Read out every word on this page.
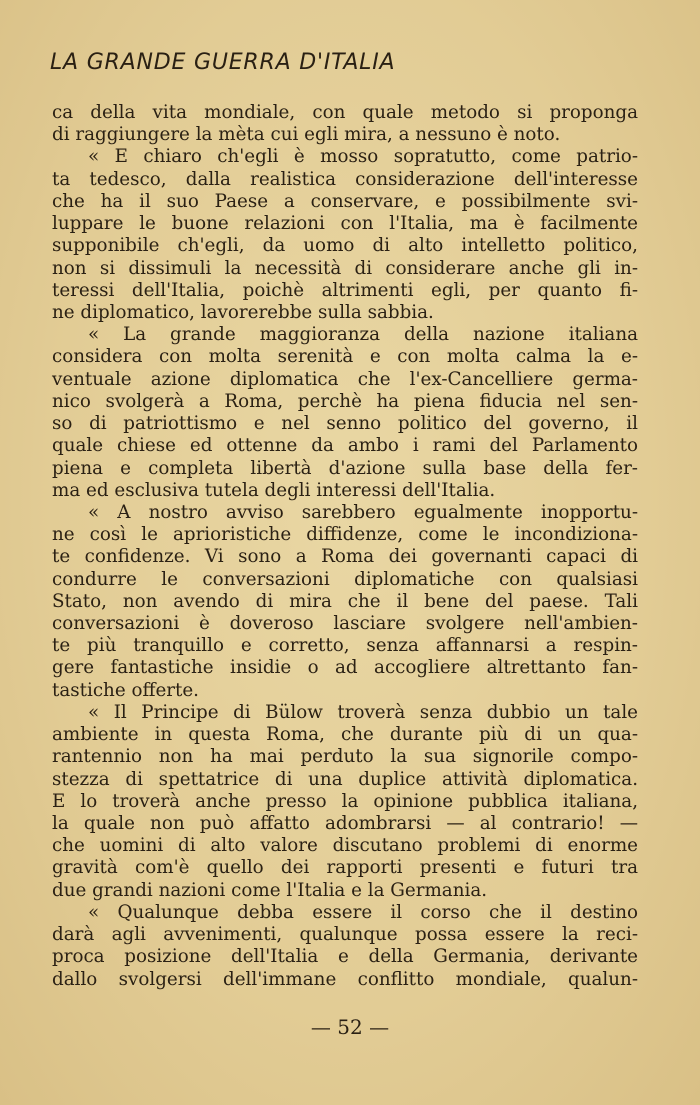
LA GRANDE GUERRA D'ITALIA
ca della vita mondiale, con quale metodo si proponga
di raggiungere la mèta cui egli mira, a nessuno è noto.
« E chiaro ch'egli è mosso sopratutto, come patrio-
ta tedesco, dalla realistica considerazione dell'interesse
che ha il suo Paese a conservare, e possibilmente svi-
luppare le buone relazioni con l'Italia, ma è facilmente
supponibile ch'egli, da uomo di alto intelletto politico,
non si dissimuli la necessità di considerare anche gli in-
teressi dell'Italia, poichè altrimenti egli, per quanto fi-
ne diplomatico, lavorerebbe sulla sabbia.
« La grande maggioranza della nazione italiana
considera con molta serenità e con molta calma la e-
ventuale azione diplomatica che l'ex-Cancelliere germa-
nico svolgerà a Roma, perchè ha piena fiducia nel sen-
so di patriottismo e nel senno politico del governo, il
quale chiese ed ottenne da ambo i rami del Parlamento
piena e completa libertà d'azione sulla base della fer-
ma ed esclusiva tutela degli interessi dell'Italia.
« A nostro avviso sarebbero egualmente inopportu-
ne così le aprioristiche diffidenze, come le incondiziona-
te confidenze. Vi sono a Roma dei governanti capaci di
condurre le conversazioni diplomatiche con qualsiasi
Stato, non avendo di mira che il bene del paese. Tali
conversazioni è doveroso lasciare svolgere nell'ambien-
te più tranquillo e corretto, senza affannarsi a respin-
gere fantastiche insidie o ad accogliere altrettanto fan-
tastiche offerte.
« Il Principe di Bülow troverà senza dubbio un tale
ambiente in questa Roma, che durante più di un qua-
rantennio non ha mai perduto la sua signorile compo-
stezza di spettatrice di una duplice attività diplomatica.
E lo troverà anche presso la opinione pubblica italiana,
la quale non può affatto adombrarsi — al contrario! —
che uomini di alto valore discutano problemi di enorme
gravità com'è quello dei rapporti presenti e futuri tra
due grandi nazioni come l'Italia e la Germania.
« Qualunque debba essere il corso che il destino
darà agli avvenimenti, qualunque possa essere la reci-
proca posizione dell'Italia e della Germania, derivante
dallo svolgersi dell'immane conflitto mondiale, qualun-
— 52 —
